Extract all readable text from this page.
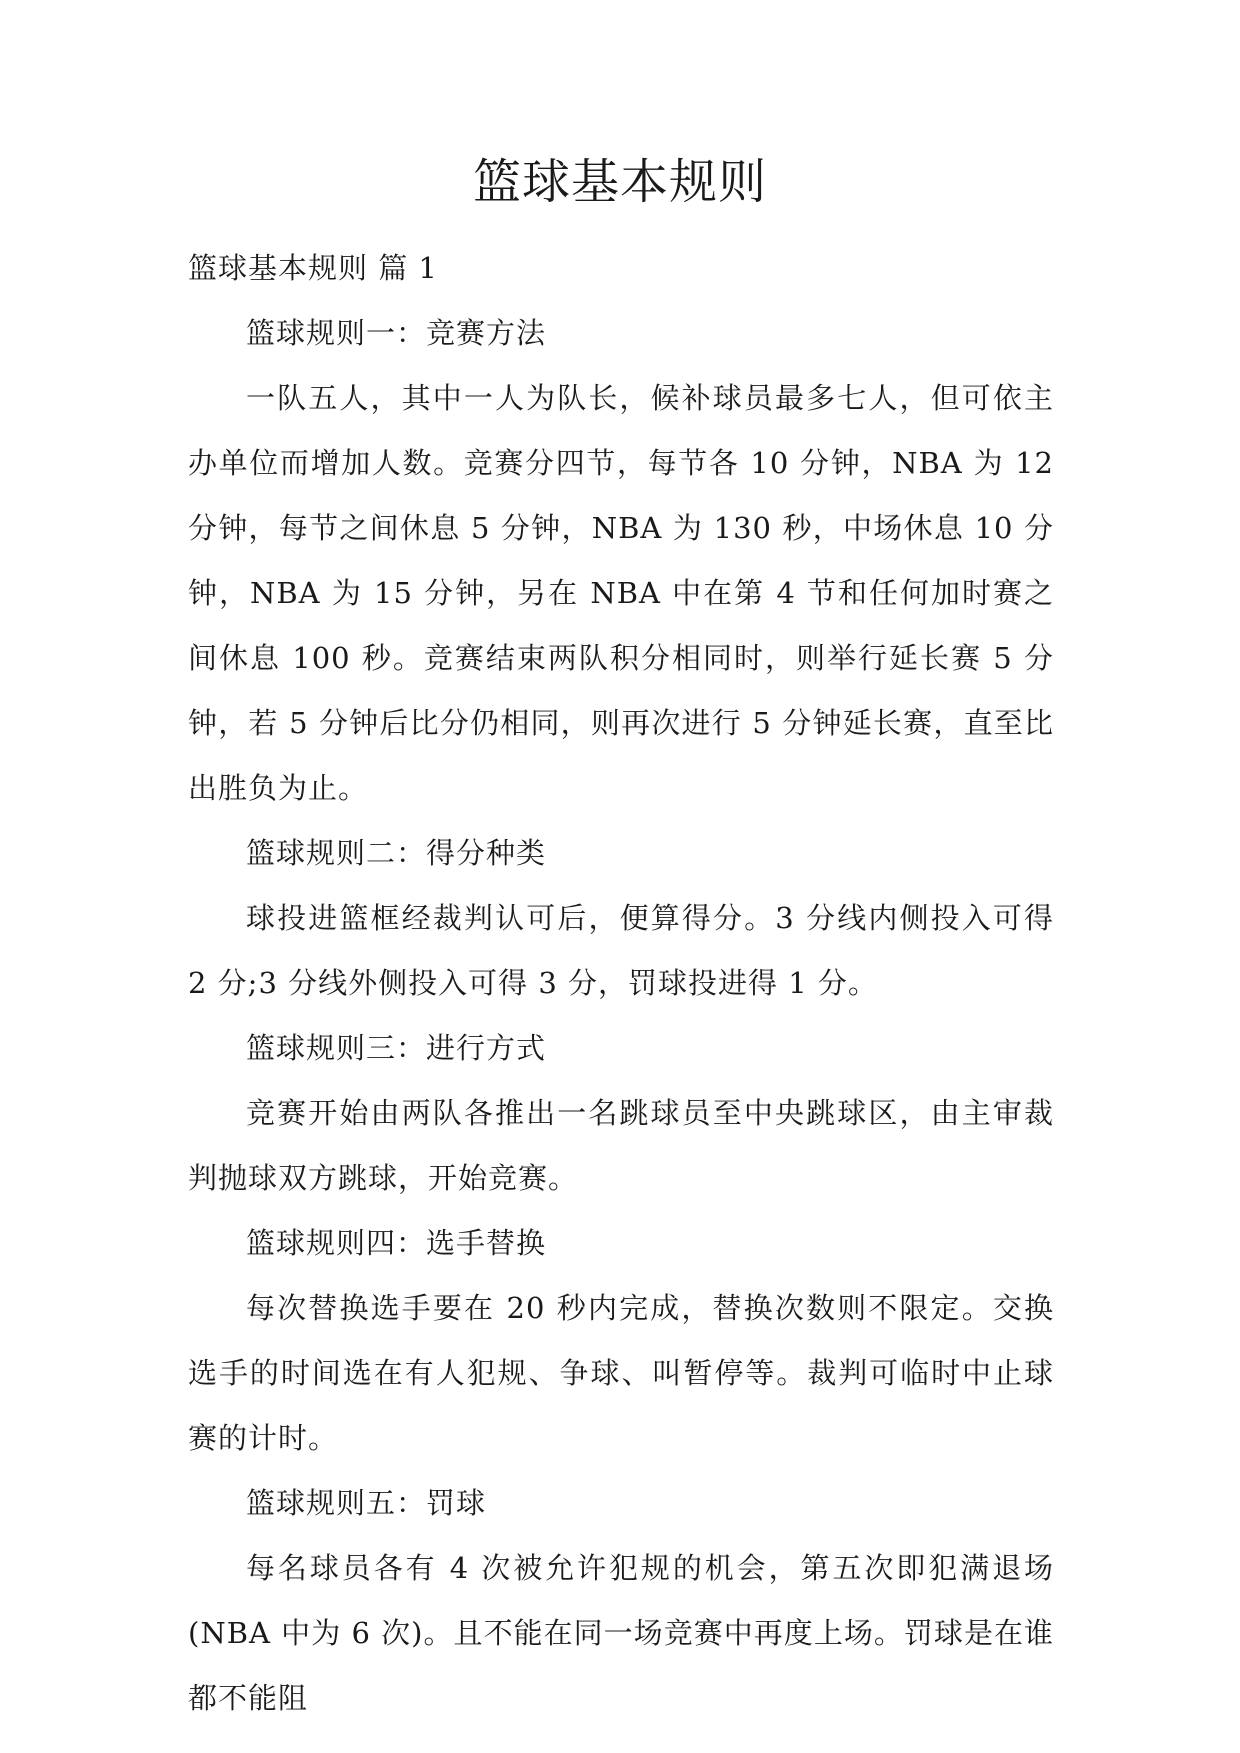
篮球基本规则

篮球基本规则 篇 1

篮球规则一：竞赛方法

一队五人，其中一人为队长，候补球员最多七人，但可依主办单位而增加人数。竞赛分四节，每节各 10 分钟，NBA 为 12 分钟，每节之间休息 5 分钟，NBA 为 130 秒，中场休息 10 分钟，NBA 为 15 分钟，另在 NBA 中在第 4 节和任何加时赛之间休息 100 秒。竞赛结束两队积分相同时，则举行延长赛 5 分钟，若 5 分钟后比分仍相同，则再次进行 5 分钟延长赛，直至比出胜负为止。

篮球规则二：得分种类

球投进篮框经裁判认可后，便算得分。3 分线内侧投入可得 2 分;3 分线外侧投入可得 3 分，罚球投进得 1 分。

篮球规则三：进行方式

竞赛开始由两队各推出一名跳球员至中央跳球区，由主审裁判抛球双方跳球，开始竞赛。

篮球规则四：选手替换

每次替换选手要在 20 秒内完成，替换次数则不限定。交换选手的时间选在有人犯规、争球、叫暂停等。裁判可临时中止球赛的计时。

篮球规则五：罚球

每名球员各有 4 次被允许犯规的机会，第五次即犯满退场(NBA 中为 6 次)。且不能在同一场竞赛中再度上场。罚球是在谁都不能阻
